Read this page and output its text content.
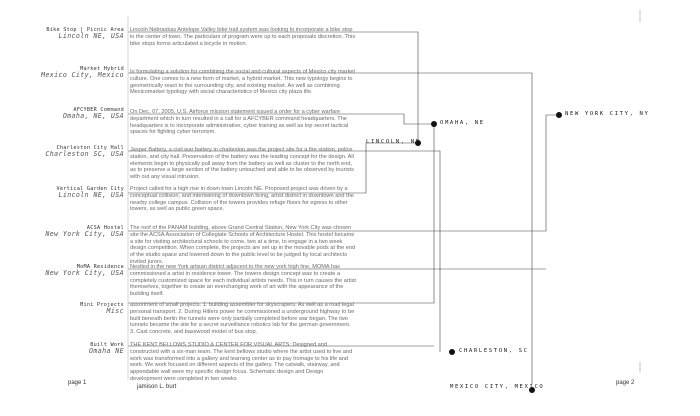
Bike Stop | Picnic Area
Lincoln NE, USA
Market Hybrid
Mexico City, Mexico
AFCYBER Command
Omaha, NE, USA
Charleston City Hall
Charleston SC, USA
Vertical Garden City
Lincoln NE, USA
ACSA Hostel
New York City, USA
MoMA Residence
New York City, USA
Mini Projects
Misc
Built Work
Omaha NE

Lincoln Nebraskas Antelope Valley bike trail system was looking to incorporate a bike stop in the center of town. The particulars of program were up to each proposals discretion. This bike stops forms articulated a bicycle in motion.

In formulating a solution for combining the social and cultural aspects of Mexico city market culture. One comes to a new form of market, a hybrid market. This new typology begins to geometrically react to the surrounding city, and existing market. As well as combining Mexicomarket typology with social characteristics of Mexico city plaza life.

On Dec. 07, 2005, U.S. Airforce mission statement issued a order for a cyber warfare department which in turn resulted in a call for a AFCYBER command headquarters. The headquarters is to incorporate administrative, cyber training as well as top secret tactical spaces for fighting cyber terrorism.

Jasper Battery, a civil war battery in charleston was the project site for a fire station, police station, and city hall. Preservation of the battery was the leading concept for the design. All elements begin to physically pull away from the battery as well as cluster to the north end, as to preserve a large section of the battery untouched and able to be observed by tourists with out any visual intrusion.

Project called for a high rise in down town Lincoln NE. Proposed project was driven by a conceptual collision, and intertwining of downtown living, artist district in downtown and the nearby college campus. Collision of the towers provides refuge floors for egress to other towers, as well as public green space.

The roof of the PANAM building, above Grand Central Station, New York City was chosen site the ACSA Association of Collegiate Schools of Architecture Hostel. This hostel became a site for visiting architectural schools to come, two at a time, to engage in a two week design competition. When complete, the projects are set up in the movable pods at the end of the studio space and lowered down to the public level to be judged by local architects invited jurors.

Nestled in the new York artisan district adjacent to the new york high line, MOMA has commissioned a artist in residence tower. The towers design concept was to create a completely customized space for each individual artists needs. This in turn causes the artist themselves, together to create an everchanging work of art with the appearance of the building itself.

assortment of small projects. 1. building assembler for skyscrapers. As well as a road legal personal transport. 2. During Hitlers power he commissioned a underground highway to be built beneath berlin the tunnels were only partially completed before war began. The two tunnels became the site for a secret surveillance robotics lab for the german government. 3. Cast concrete, and basswood model of bus stop.

THE KENT BELLOWS STUDIO & CENTER FOR VISUAL ARTS: Designed and constructed with a six-man team. The kent bellows studio where the artist used to live and work was transformed into a gallery and learning center as to pay homage to his life and work. We work focused on different aspects of the gallery. The catwalk, stairway, and appendable wall were my specific design focus. Schematic design and Design development were completed in two weeks

NEW YORK CITY, NY
OMAHA, NE
LINCOLN, NE
CHARLESTON, SC
MEXICO CITY, MEXICO
page 1
jamison L. burt
page 2
